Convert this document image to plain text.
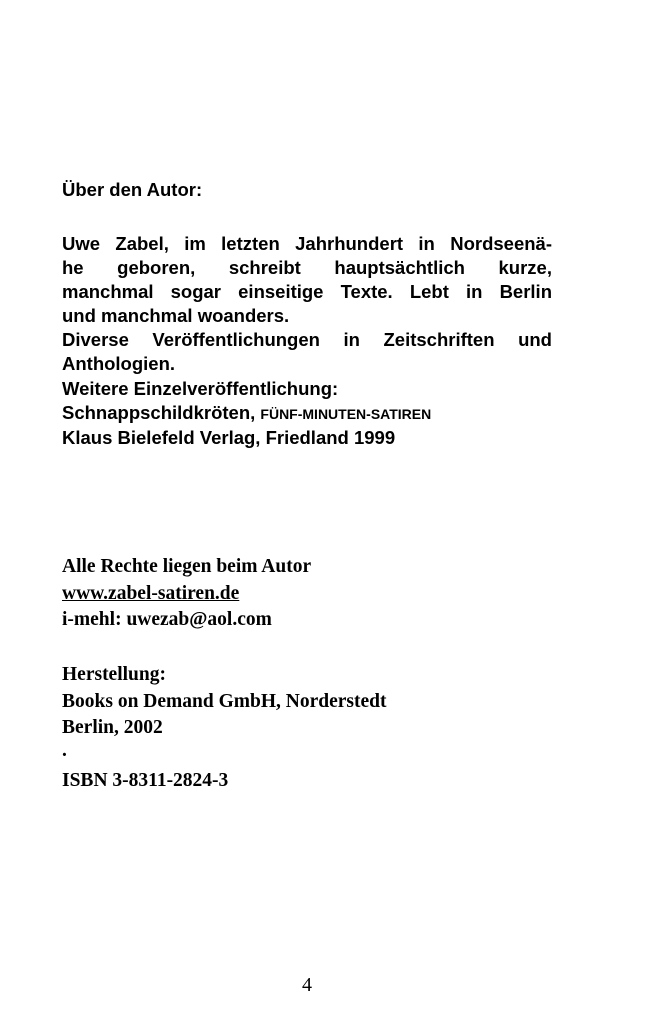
Über den Autor:
Uwe Zabel, im letzten Jahrhundert in Nordseenä-
he geboren, schreibt hauptsächtlich kurze,
manchmal sogar einseitige Texte. Lebt in Berlin
und manchmal woanders.
Diverse Veröffentlichungen in Zeitschriften und
Anthologien.
Weitere Einzelveröffentlichung:
Schnappschildkröten, FÜNF-MINUTEN-SATIREN
Klaus Bielefeld Verlag, Friedland 1999
Alle Rechte liegen beim Autor
www.zabel-satiren.de
i-mehl: uwezab@aol.com
Herstellung:
Books on Demand GmbH, Norderstedt
Berlin, 2002
.
ISBN 3-8311-2824-3
4
